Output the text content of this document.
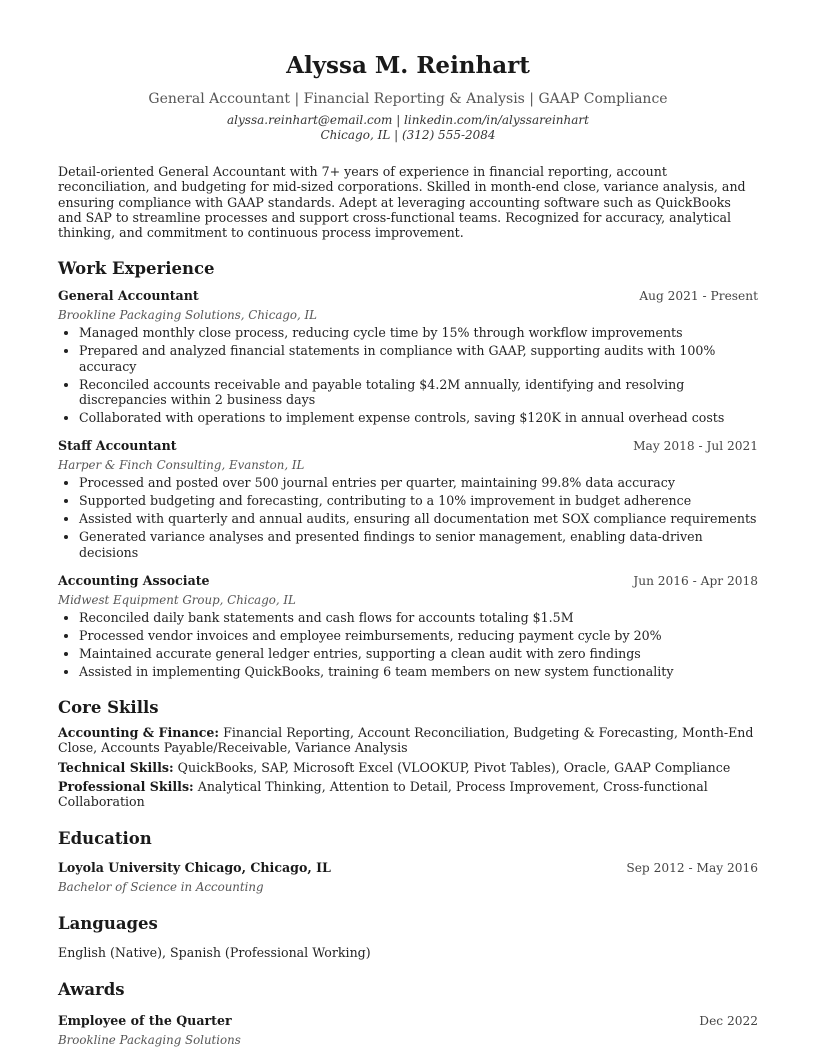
Alyssa M. Reinhart
General Accountant | Financial Reporting & Analysis | GAAP Compliance
alyssa.reinhart@email.com | linkedin.com/in/alyssareinhart
Chicago, IL | (312) 555-2084
Detail-oriented General Accountant with 7+ years of experience in financial reporting, account reconciliation, and budgeting for mid-sized corporations. Skilled in month-end close, variance analysis, and ensuring compliance with GAAP standards. Adept at leveraging accounting software such as QuickBooks and SAP to streamline processes and support cross-functional teams. Recognized for accuracy, analytical thinking, and commitment to continuous process improvement.
Work Experience
General Accountant	Aug 2021 - Present
Brookline Packaging Solutions, Chicago, IL
• Managed monthly close process, reducing cycle time by 15% through workflow improvements
• Prepared and analyzed financial statements in compliance with GAAP, supporting audits with 100% accuracy
• Reconciled accounts receivable and payable totaling $4.2M annually, identifying and resolving discrepancies within 2 business days
• Collaborated with operations to implement expense controls, saving $120K in annual overhead costs
Staff Accountant	May 2018 - Jul 2021
Harper & Finch Consulting, Evanston, IL
• Processed and posted over 500 journal entries per quarter, maintaining 99.8% data accuracy
• Supported budgeting and forecasting, contributing to a 10% improvement in budget adherence
• Assisted with quarterly and annual audits, ensuring all documentation met SOX compliance requirements
• Generated variance analyses and presented findings to senior management, enabling data-driven decisions
Accounting Associate	Jun 2016 - Apr 2018
Midwest Equipment Group, Chicago, IL
• Reconciled daily bank statements and cash flows for accounts totaling $1.5M
• Processed vendor invoices and employee reimbursements, reducing payment cycle by 20%
• Maintained accurate general ledger entries, supporting a clean audit with zero findings
• Assisted in implementing QuickBooks, training 6 team members on new system functionality
Core Skills
Accounting & Finance: Financial Reporting, Account Reconciliation, Budgeting & Forecasting, Month-End Close, Accounts Payable/Receivable, Variance Analysis
Technical Skills: QuickBooks, SAP, Microsoft Excel (VLOOKUP, Pivot Tables), Oracle, GAAP Compliance
Professional Skills: Analytical Thinking, Attention to Detail, Process Improvement, Cross-functional Collaboration
Education
Loyola University Chicago, Chicago, IL	Sep 2012 - May 2016
Bachelor of Science in Accounting
Languages
English (Native), Spanish (Professional Working)
Awards
Employee of the Quarter	Dec 2022
Brookline Packaging Solutions
